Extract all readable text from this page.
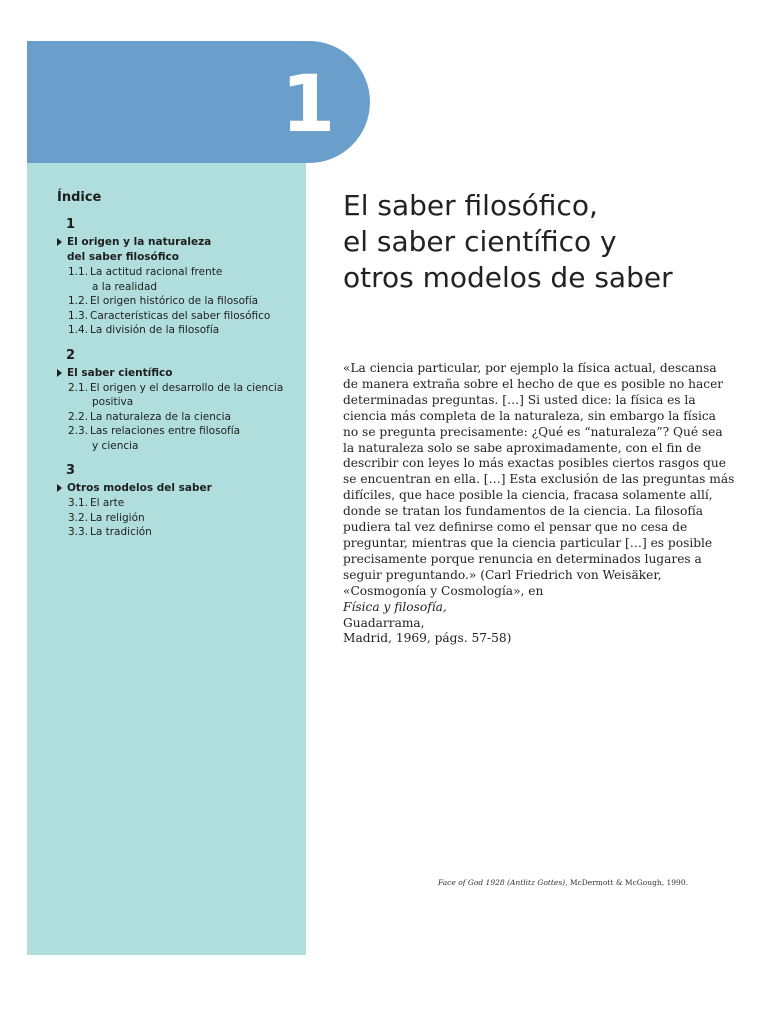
1
Índice
1
El origen y la naturaleza
del saber filosófico
1.1. La actitud racional frente
a la realidad
1.2. El origen histórico de la filosofía
1.3. Características del saber filosófico
1.4. La división de la filosofía
2
El saber científico
2.1. El origen y el desarrollo de la ciencia
positiva
2.2. La naturaleza de la ciencia
2.3. Las relaciones entre filosofía
y ciencia
3
Otros modelos del saber
3.1. El arte
3.2. La religión
3.3. La tradición
El saber filosófico,
el saber científico y
otros modelos de saber
«La ciencia particular, por ejemplo la física actual, descansa
de manera extraña sobre el hecho de que es posible no hacer
determinadas preguntas. […] Si usted dice: la física es la
ciencia más completa de la naturaleza, sin embargo la física
no se pregunta precisamente: ¿Qué es “naturaleza”? Qué sea
la naturaleza solo se sabe aproximadamente, con el fin de
describir con leyes lo más exactas posibles ciertos rasgos que
se encuentran en ella. […] Esta exclusión de las preguntas más
difíciles, que hace posible la ciencia, fracasa solamente allí,
donde se tratan los fundamentos de la ciencia. La filosofía
pudiera tal vez definirse como el pensar que no cesa de
preguntar, mientras que la ciencia particular […] es posible
precisamente porque renuncia en determinados lugares a
seguir preguntando.» (Carl Friedrich von Weisäker,
«Cosmogonía y Cosmología», en
Física y filosofía,
Guadarrama,
Madrid, 1969, págs. 57-58)
Face of God 1928 (Antlitz Gottes), McDermott & McGough, 1990.
